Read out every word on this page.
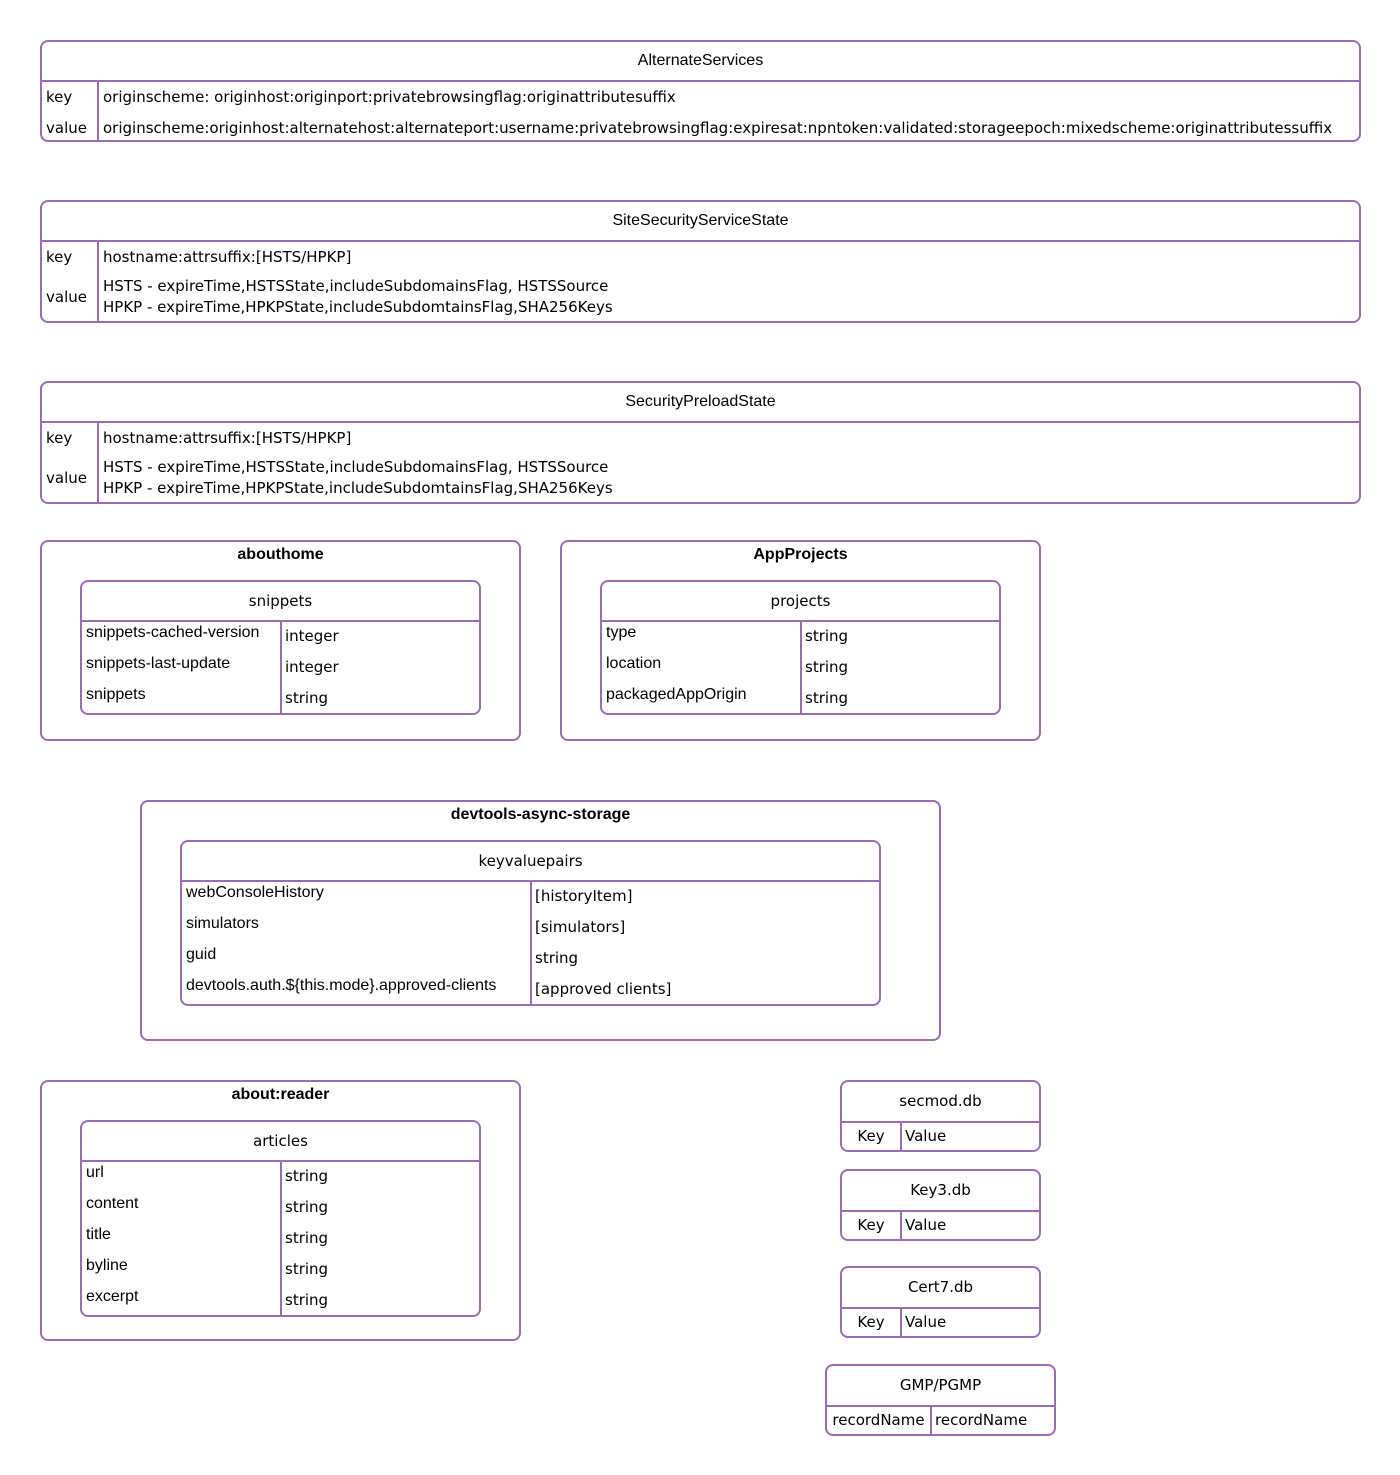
AlternateServices
key originscheme: originhost:originport:privatebrowsingflag:originattributesuffix
value originscheme:originhost:alternatehost:alternateport:username:privatebrowsingflag:expiresat:npntoken:validated:storageepoch:mixedscheme:originattributessuffix
SiteSecurityServiceState
key hostname:attrsuffix:[HSTS/HPKP]
value
HSTS - expireTime,HSTSState,includeSubdomainsFlag, HSTSSource
HPKP - expireTime,HPKPState,includeSubdomtainsFlag,SHA256Keys
SecurityPreloadState
key hostname:attrsuffix:[HSTS/HPKP]
value
HSTS - expireTime,HSTSState,includeSubdomainsFlag, HSTSSource
HPKP - expireTime,HPKPState,includeSubdomtainsFlag,SHA256Keys
abouthome
snippets
snippets-cached-version integer
snippets-last-update	integer
snippets	string
AppProjects
projects
type	string
location	string
packagedAppOrigin	string
devtools-async-storage
keyvaluepairs
webConsoleHistory	[historyItem]
simulators	[simulators]
guid	string
devtools.auth.${this.mode}.approved-clients	[approved clients]
about:reader
articles
url	string
content	string
title	string
byline	string
excerpt	string
secmod.db
Key	Value
Key3.db
Key	Value
Cert7.db
Key	Value
GMP/PGMP
recordName recordName
